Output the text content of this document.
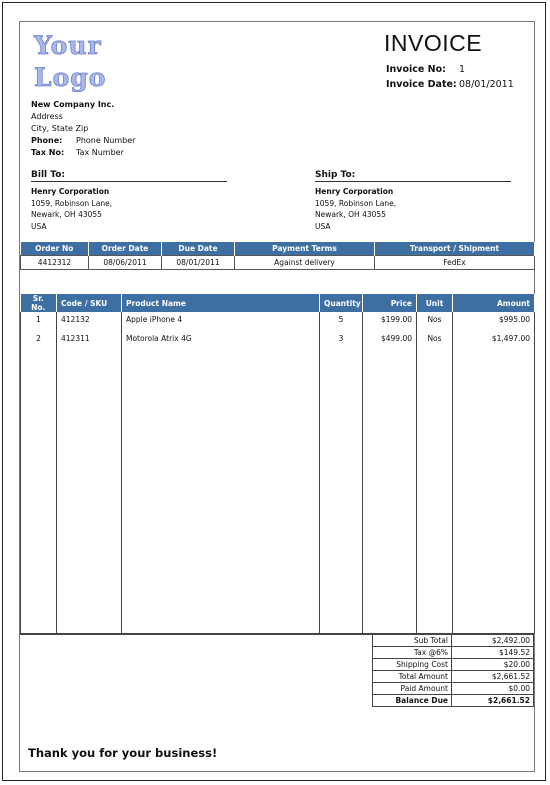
Your
Logo
INVOICE
Invoice No: 1
Invoice Date: 08/01/2011
New Company Inc.
Address
City, State Zip
Phone: Phone Number
Tax No: Tax Number
Bill To:
Henry Corporation
1059, Robinson Lane,
Newark, OH 43055
USA
Ship To:
Henry Corporation
1059, Robinson Lane,
Newark, OH 43055
USA
Order No	Order Date	Due Date	Payment Terms	Transport / Shipment
4412312	08/06/2011	08/01/2011	Against delivery	FedEx
Sr. No.	Code / SKU	Product Name	Quantity	Price	Unit	Amount
1	412132	Apple iPhone 4	5	$199.00	Nos	$995.00
2	412311	Motorola Atrix 4G	3	$499.00	Nos	$1,497.00

Sub Total	$2,492.00
Tax @6%	$149.52
Shipping Cost	$20.00
Total Amount	$2,661.52
Paid Amount	$0.00
Balance Due	$2,661.52
Thank you for your business!
